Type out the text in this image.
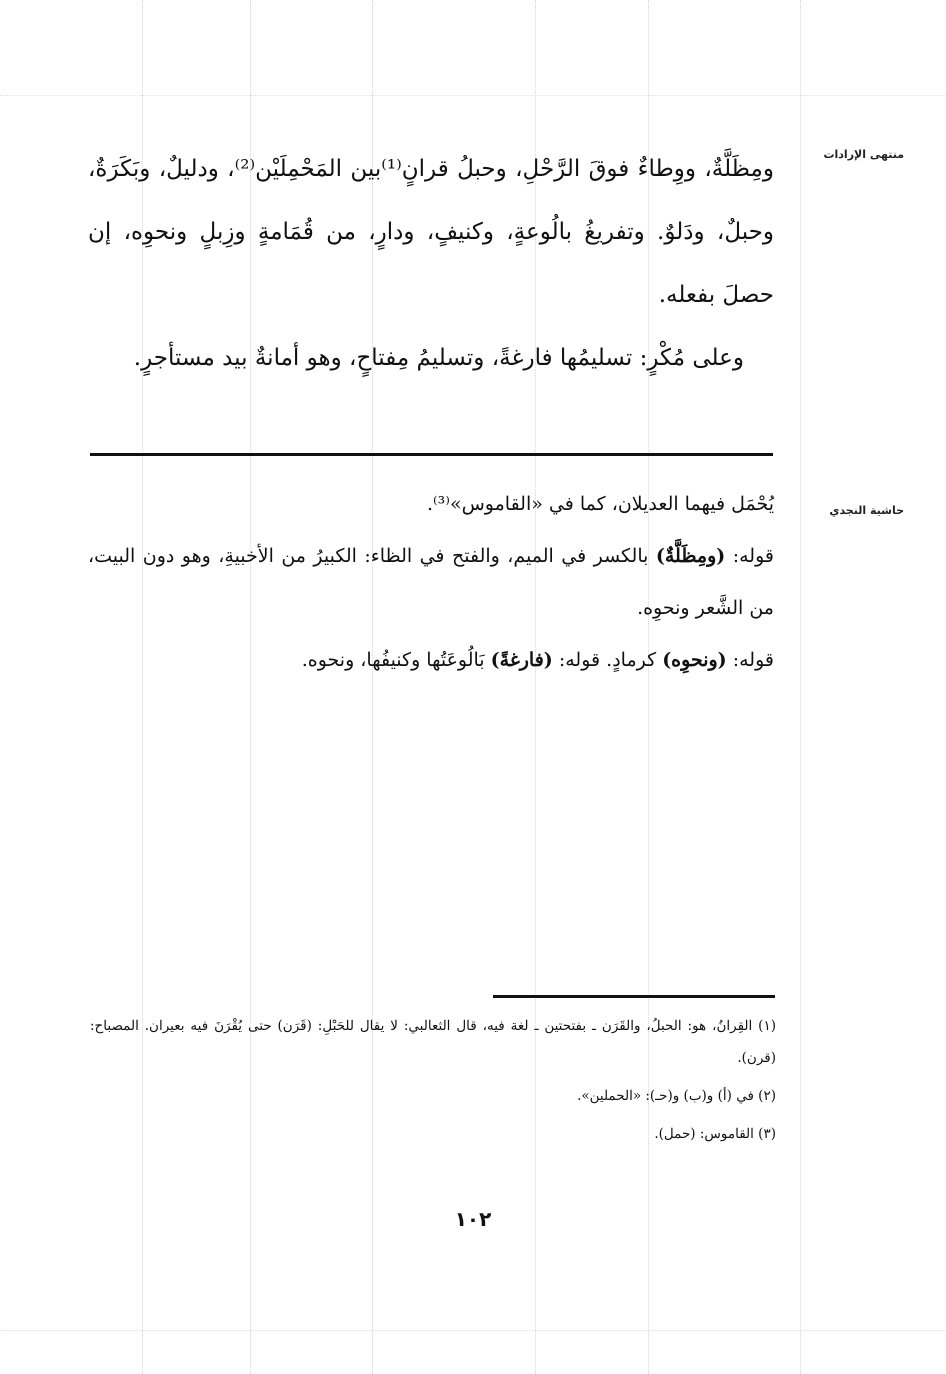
منتهى الإرادات
حاشية النجدي

ومِظَلَّةٌ، ووِطاءٌ فوقَ الرَّحْلِ، وحبلُ قرانٍ⁽¹⁾بين المَحْمِلَيْن⁽²⁾، ودليلٌ، وبَكَرَةٌ، وحبلٌ، ودَلوٌ. وتفريغُ بالُوعةٍ، وكنيفٍ، ودارٍ، من قُمَامةٍ وزِبلٍ ونحوِه، إن حصلَ بفعله.

وعلى مُكْرٍ: تسليمُها فارغةً، وتسليمُ مِفتاحٍ، وهو أمانةٌ بيد مستأجرٍ.

يُحْمَل فيهما العديلان، كما في «القاموس»⁽³⁾.

قوله: (ومِظَلَّةٌ) بالكسر في الميم، والفتح في الظاء: الكبيرُ من الأخبيةِ، وهو دون البيت، من الشَّعر ونحوِه.

قوله: (ونحوِه) كرمادٍ. قوله: (فارغةً) بَالُوعَتُها وكنيفُها، ونحوه.

(١) القِرانُ، هو: الحبلُ، والقَرَن ـ بفتحتين ـ لغة فيه، قال الثعالبي: لا يقال للحَبْلِ: (قَرَن) حتى يُقْرَنَ فيه بعيران. المصباح: (قرن).

(٢) في (أ) و(ب) و(حـ): «الحملين».

(٣) القاموس: (حمل).

١٠٢
